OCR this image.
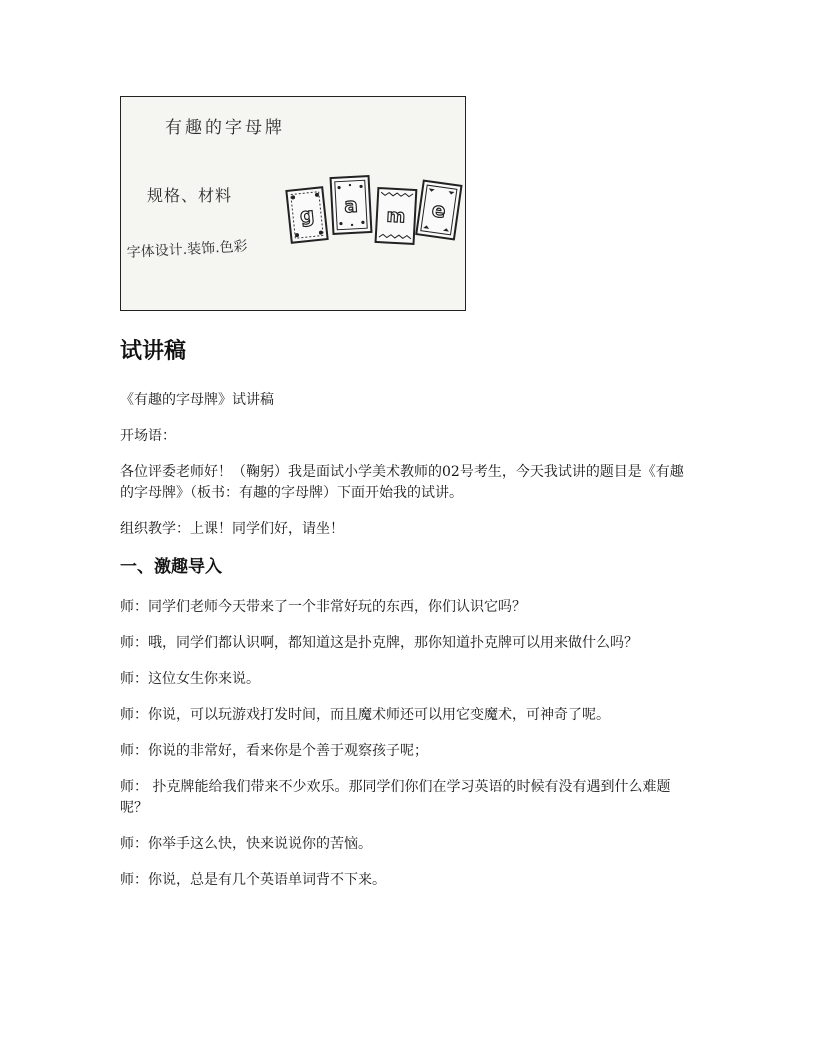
有趣的字母牌
规格、材料
字体设计.装饰.色彩
g a m e
试讲稿

《有趣的字母牌》试讲稿

开场语：

各位评委老师好！（鞠躬）我是面试小学美术教师的02号考生，今天我试讲的题目是《有趣的字母牌》（板书：有趣的字母牌）下面开始我的试讲。

组织教学：上课！同学们好，请坐！

一、激趣导入

师：同学们老师今天带来了一个非常好玩的东西，你们认识它吗？

师：哦，同学们都认识啊，都知道这是扑克牌，那你知道扑克牌可以用来做什么吗？

师：这位女生你来说。

师：你说，可以玩游戏打发时间，而且魔术师还可以用它变魔术，可神奇了呢。

师：你说的非常好，看来你是个善于观察孩子呢；

师： 扑克牌能给我们带来不少欢乐。那同学们你们在学习英语的时候有没有遇到什么难题呢？

师：你举手这么快，快来说说你的苦恼。

师：你说，总是有几个英语单词背不下来。
